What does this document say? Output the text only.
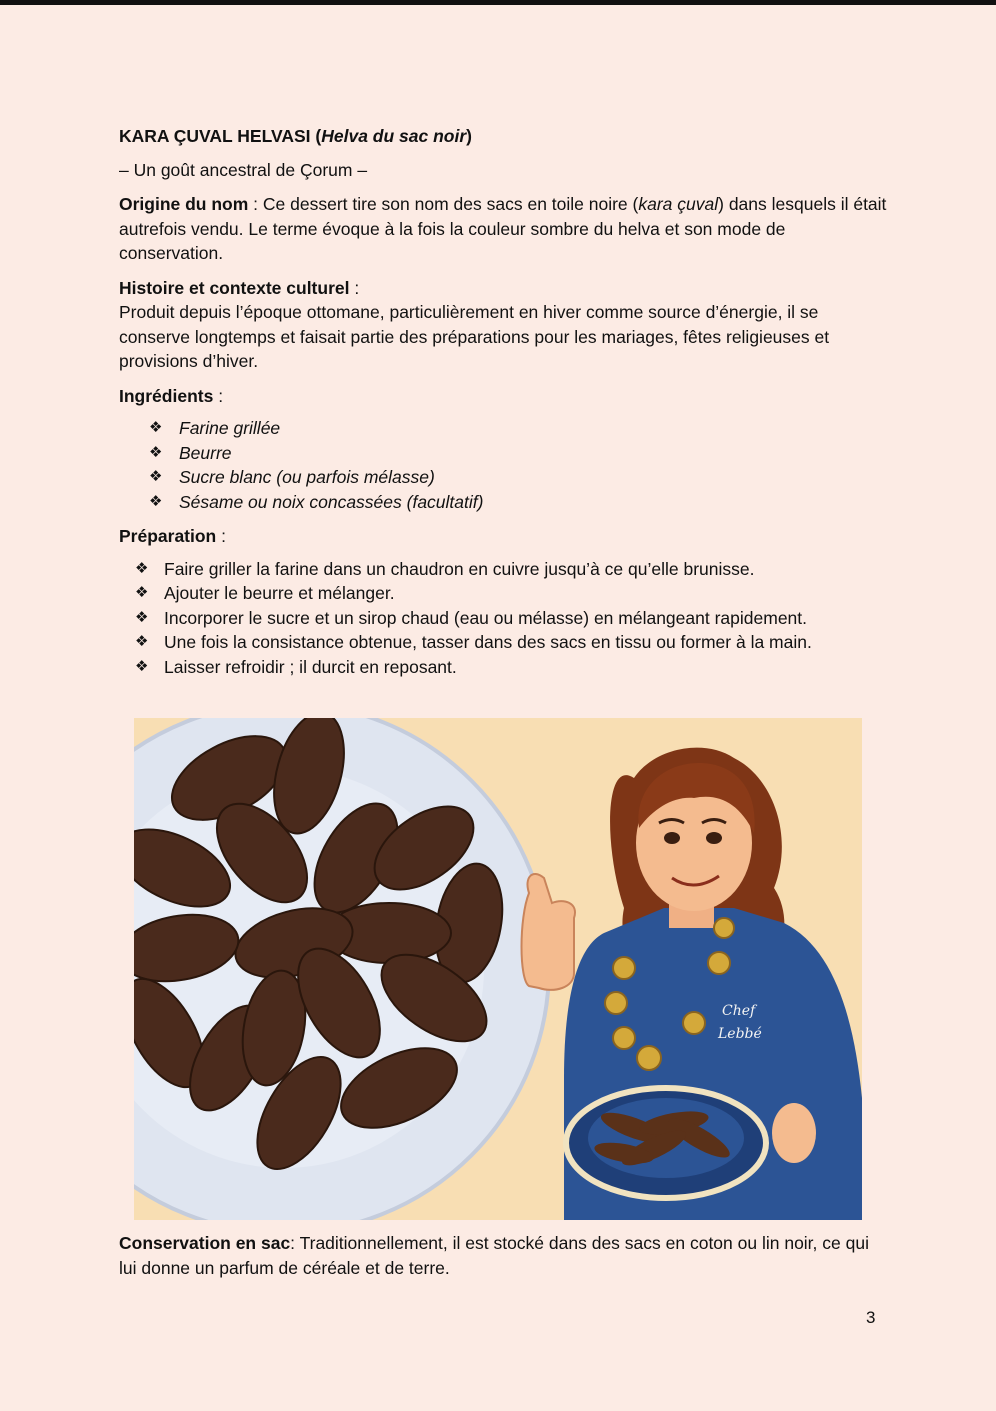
KARA ÇUVAL HELVASI (Helva du sac noir)
– Un goût ancestral de Çorum –
Origine du nom : Ce dessert tire son nom des sacs en toile noire (kara çuval) dans lesquels il était autrefois vendu. Le terme évoque à la fois la couleur sombre du helva et son mode de conservation.
Histoire et contexte culturel :
Produit depuis l’époque ottomane, particulièrement en hiver comme source d’énergie, il se conserve longtemps et faisait partie des préparations pour les mariages, fêtes religieuses et provisions d’hiver.
Ingrédients :
❖ Farine grillée
❖ Beurre
❖ Sucre blanc (ou parfois mélasse)
❖ Sésame ou noix concassées (facultatif)
Préparation :
❖ Faire griller la farine dans un chaudron en cuivre jusqu’à ce qu’elle brunisse.
❖ Ajouter le beurre et mélanger.
❖ Incorporer le sucre et un sirop chaud (eau ou mélasse) en mélangeant rapidement.
❖ Une fois la consistance obtenue, tasser dans des sacs en tissu ou former à la main.
❖ Laisser refroidir ; il durcit en reposant.
Chef
Lebbé
Conservation en sac: Traditionnellement, il est stocké dans des sacs en coton ou lin noir, ce qui lui donne un parfum de céréale et de terre.
3
